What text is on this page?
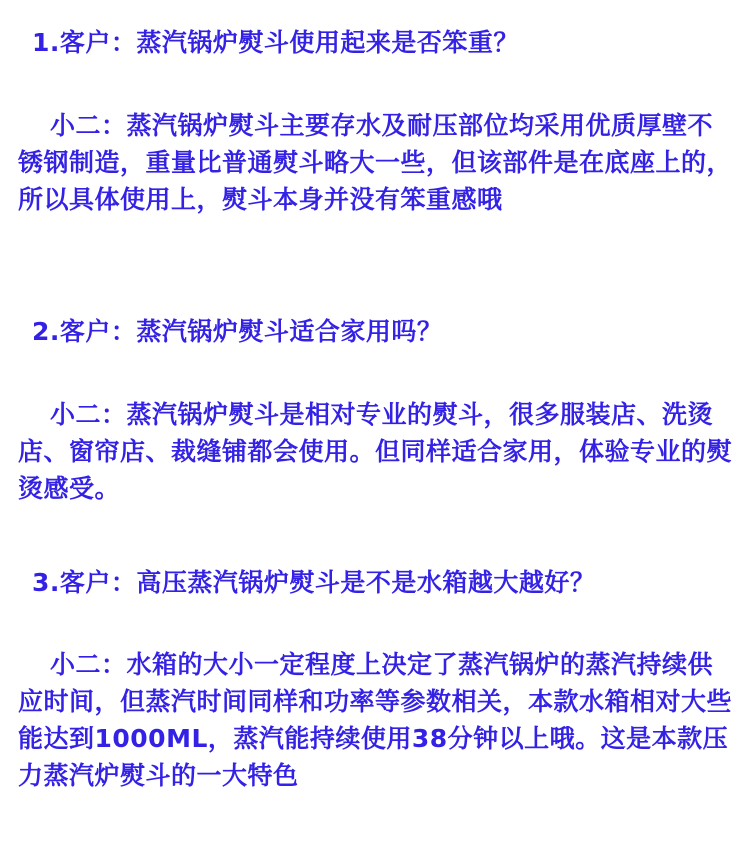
1.客户：蒸汽锅炉熨斗使用起来是否笨重？
小二：蒸汽锅炉熨斗主要存水及耐压部位均采用优质厚壁不锈钢制造，重量比普通熨斗略大一些，但该部件是在底座上的，所以具体使用上，熨斗本身并没有笨重感哦
2.客户：蒸汽锅炉熨斗适合家用吗？
小二：蒸汽锅炉熨斗是相对专业的熨斗，很多服装店、洗烫店、窗帘店、裁缝铺都会使用。但同样适合家用，体验专业的熨烫感受。
3.客户：高压蒸汽锅炉熨斗是不是水箱越大越好？
小二：水箱的大小一定程度上决定了蒸汽锅炉的蒸汽持续供应时间，但蒸汽时间同样和功率等参数相关，本款水箱相对大些能达到1000ML，蒸汽能持续使用38分钟以上哦。这是本款压力蒸汽炉熨斗的一大特色
